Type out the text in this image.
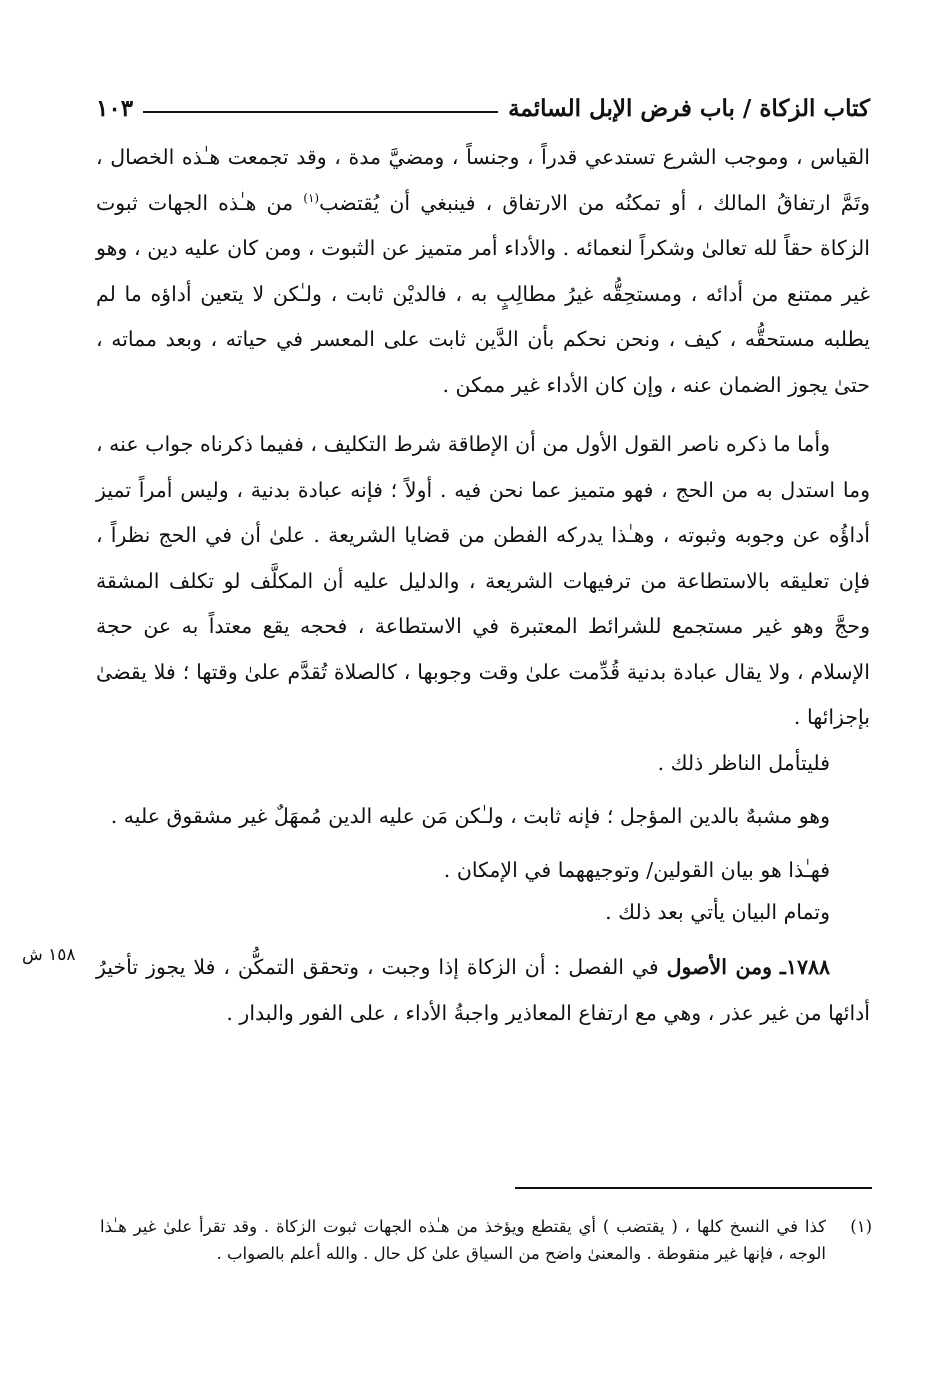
كتاب الزكاة / باب فرض الإبل السائمة
١٠٣

القياس ، وموجب الشرع تستدعي قدراً ، وجنساً ، ومضيَّ مدة ، وقد تجمعت هـٰذه الخصال ، وتَمَّ ارتفاقُ المالك ، أو تمكنُه من الارتفاق ، فينبغي أن يُقتضب$^{(١)}$ من هـٰذه الجهات ثبوت الزكاة حقاً لله تعالىٰ وشكراً لنعمائه . والأداء أمر متميز عن الثبوت ، ومن كان عليه دين ، وهو غير ممتنع من أدائه ، ومستحِقُّه غيرُ مطالِبٍ به ، فالديْن ثابت ، ولـٰكن لا يتعين أداؤه ما لم يطلبه مستحقُّه ، كيف ، ونحن نحكم بأن الدَّين ثابت على المعسر في حياته ، وبعد مماته ، حتىٰ يجوز الضمان عنه ، وإن كان الأداء غير ممكن .

وأما ما ذكره ناصر القول الأول من أن الإطاقة شرط التكليف ، ففيما ذكرناه جواب عنه ، وما استدل به من الحج ، فهو متميز عما نحن فيه . أولاً ؛ فإنه عبادة بدنية ، وليس أمراً تميز أداؤُه عن وجوبه وثبوته ، وهـٰذا يدركه الفطن من قضايا الشريعة . علىٰ أن في الحج نظراً ، فإن تعليقه بالاستطاعة من ترفيهات الشريعة ، والدليل عليه أن المكلَّف لو تكلف المشقة وحجَّ وهو غير مستجمع للشرائط المعتبرة في الاستطاعة ، فحجه يقع معتداً به عن حجة الإسلام ، ولا يقال عبادة بدنية قُدِّمت علىٰ وقت وجوبها ، كالصلاة تُقدَّم علىٰ وقتها ؛ فلا يقضىٰ بإجزائها .

فليتأمل الناظر ذلك .

وهو مشبهٌ بالدين المؤجل ؛ فإنه ثابت ، ولـٰكن مَن عليه الدين مُمهَلٌ غير مشقوق عليه .

فهـٰذا هو بيان القولين/ وتوجيههما في الإمكان .

وتمام البيان يأتي بعد ذلك .

١٧٨٨ـ ومن الأصول في الفصل : أن الزكاة إذا وجبت ، وتحقق التمكُّن ، فلا يجوز تأخيرُ أدائها من غير عذر ، وهي مع ارتفاع المعاذير واجبةُ الأداء ، على الفور والبدار .

١٥٨ ش
(١)
كذا في النسخ كلها ، ( يقتضب ) أي يقتطع ويؤخذ من هـٰذه الجهات ثبوت الزكاة . وقد تقرأ علىٰ غير هـٰذا الوجه ، فإنها غير منقوطة . والمعنىٰ واضح من السياق علىٰ كل حال . والله أعلم بالصواب .
